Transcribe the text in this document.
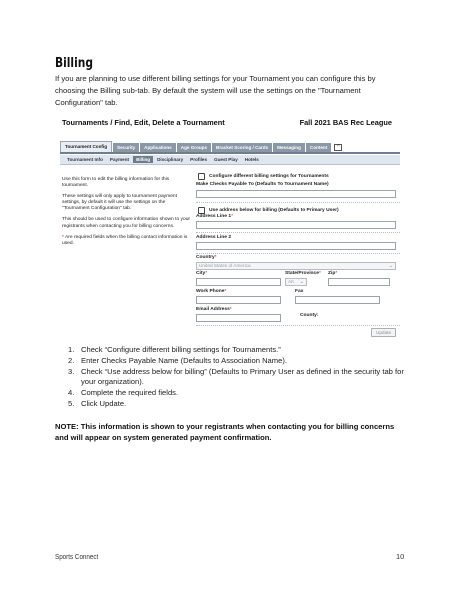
Billing
If you are planning to use different billing settings for your Tournament you can configure this by choosing the Billing sub-tab. By default the system will use the settings on the "Tournament Configuration" tab.
Tournaments / Find, Edit, Delete a Tournament	Fall 2021 BAS Rec League
Tournament Config	Security	Applications	Age Groups	Bracket Scoring / Cards	Messaging	Content	^
Tournament Info	Payment	Billing	Disciplinary	Profiles	Guest Play	Hotels

Use this form to edit the billing information for this tournament.

These settings will only apply to tournament payment settings, by default it will use the settings on the "Tournament Configuration" tab.

This should be used to configure information shown to your registrants when contacting you for billing concerns.

* Are required fields when the billing contact information is used.

Configure different billing settings for Tournaments
Make Checks Payable To (Defaults To Tournament Name)
Use address below for billing (Defaults to Primary User)
Address Line 1*
Address Line 2
Country*
United States of America	⌄
City*	State/Province*
AK ⌄
Zip*
Work Phone*	Fax
Email Address*
County:
Update
1. Check “Configure different billing settings for Tournaments.”
2. Enter Checks Payable Name (Defaults to Association Name).
3. Check “Use address below for billing” (Defaults to Primary User as defined in the security tab for your organization).
4. Complete the required fields.
5. Click Update.
NOTE: This information is shown to your registrants when contacting you for billing concerns and will appear on system generated payment confirmation.
Sports Connect	10
